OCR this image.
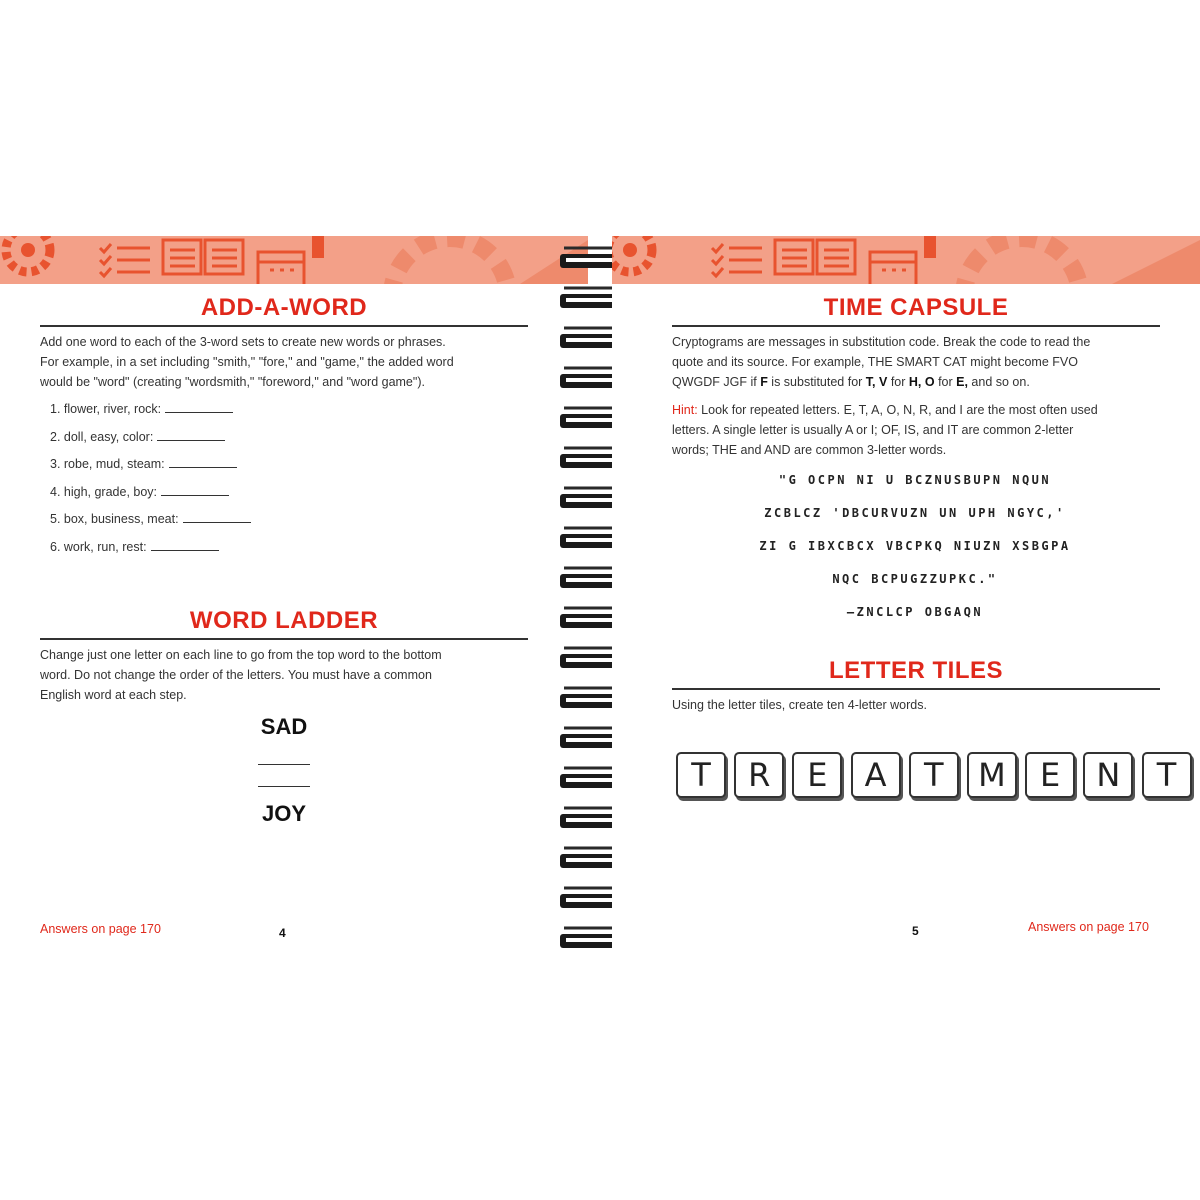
ADD-A-WORD
Add one word to each of the 3-word sets to create new words or phrases.
For example, in a set including "smith," "fore," and "game," the added word
would be "word" (creating "wordsmith," "foreword," and "word game").
1. flower, river, rock:
2. doll, easy, color:
3. robe, mud, steam:
4. high, grade, boy:
5. box, business, meat:
6. work, run, rest:
WORD LADDER
Change just one letter on each line to go from the top word to the bottom
word. Do not change the order of the letters. You must have a common
English word at each step.
SAD
JOY
Answers on page 170	4
TIME CAPSULE
Cryptograms are messages in substitution code. Break the code to read the
quote and its source. For example, THE SMART CAT might become FVO
QWGDF JGF if F is substituted for T, V for H, O for E, and so on.
Hint: Look for repeated letters. E, T, A, O, N, R, and I are the most often used
letters. A single letter is usually A or I; OF, IS, and IT are common 2-letter
words; THE and AND are common 3-letter words.
"G OCPN NI U BCZNUSBUPN NQUN
ZCBLCZ 'DBCURVUZN UN UPH NGYC,'
ZI G IBXCBCX VBCPKQ NIUZN XSBGPA
NQC BCPUGZZUPKC."
—ZNCLCP OBGAQN
LETTER TILES
Using the letter tiles, create ten 4-letter words.
T	R	E	A	T	M	E	N	T
5	Answers on page 170
